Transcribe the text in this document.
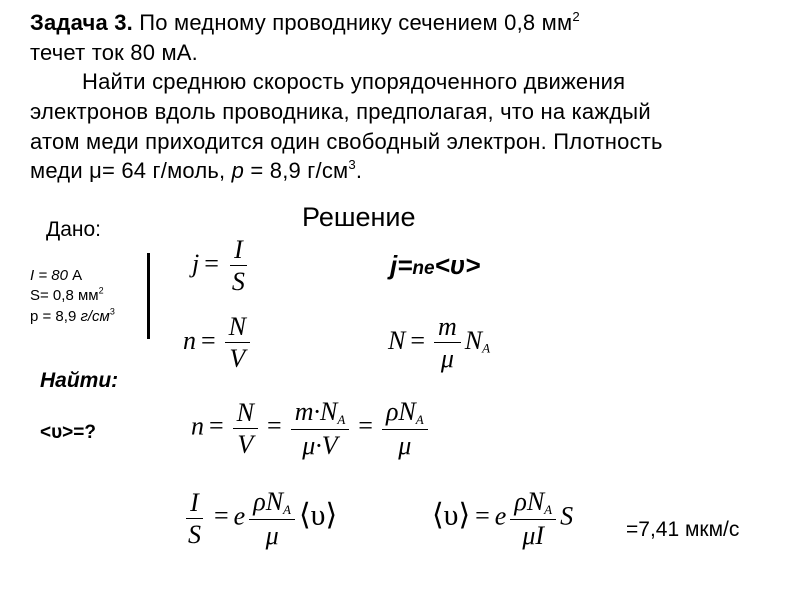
Задача 3. По медному проводнику сечением 0,8 $мм^2$
течет ток 80 мА.
Найти среднюю скорость упорядоченного движения
электронов вдоль проводника, предполагая, что на каждый
атом меди приходится один свободный электрон. Плотность
меди μ= 64 г/моль, p = 8,9 $г/см^3$.
Дано:
I = 80 А
S= 0,8 $мм^2$
p = 8,9 $г/см^3$
Решение
j=ne<υ>
Найти:
<υ>=?
$j = \frac{I}{S}$
$n = \frac{N}{V}$	$N = \frac{m}{\mu} N_A$
$n = \frac{N}{V} = \frac{m\cdot N_A}{\mu\cdot V} = \frac{\rho N_A}{\mu}$
$\frac{I}{S} = e \frac{\rho N_A}{\mu}$ ⟨υ⟩	⟨υ⟩ = e $\frac{\rho N_A}{\mu I}$ S	=7,41 мкм/с
